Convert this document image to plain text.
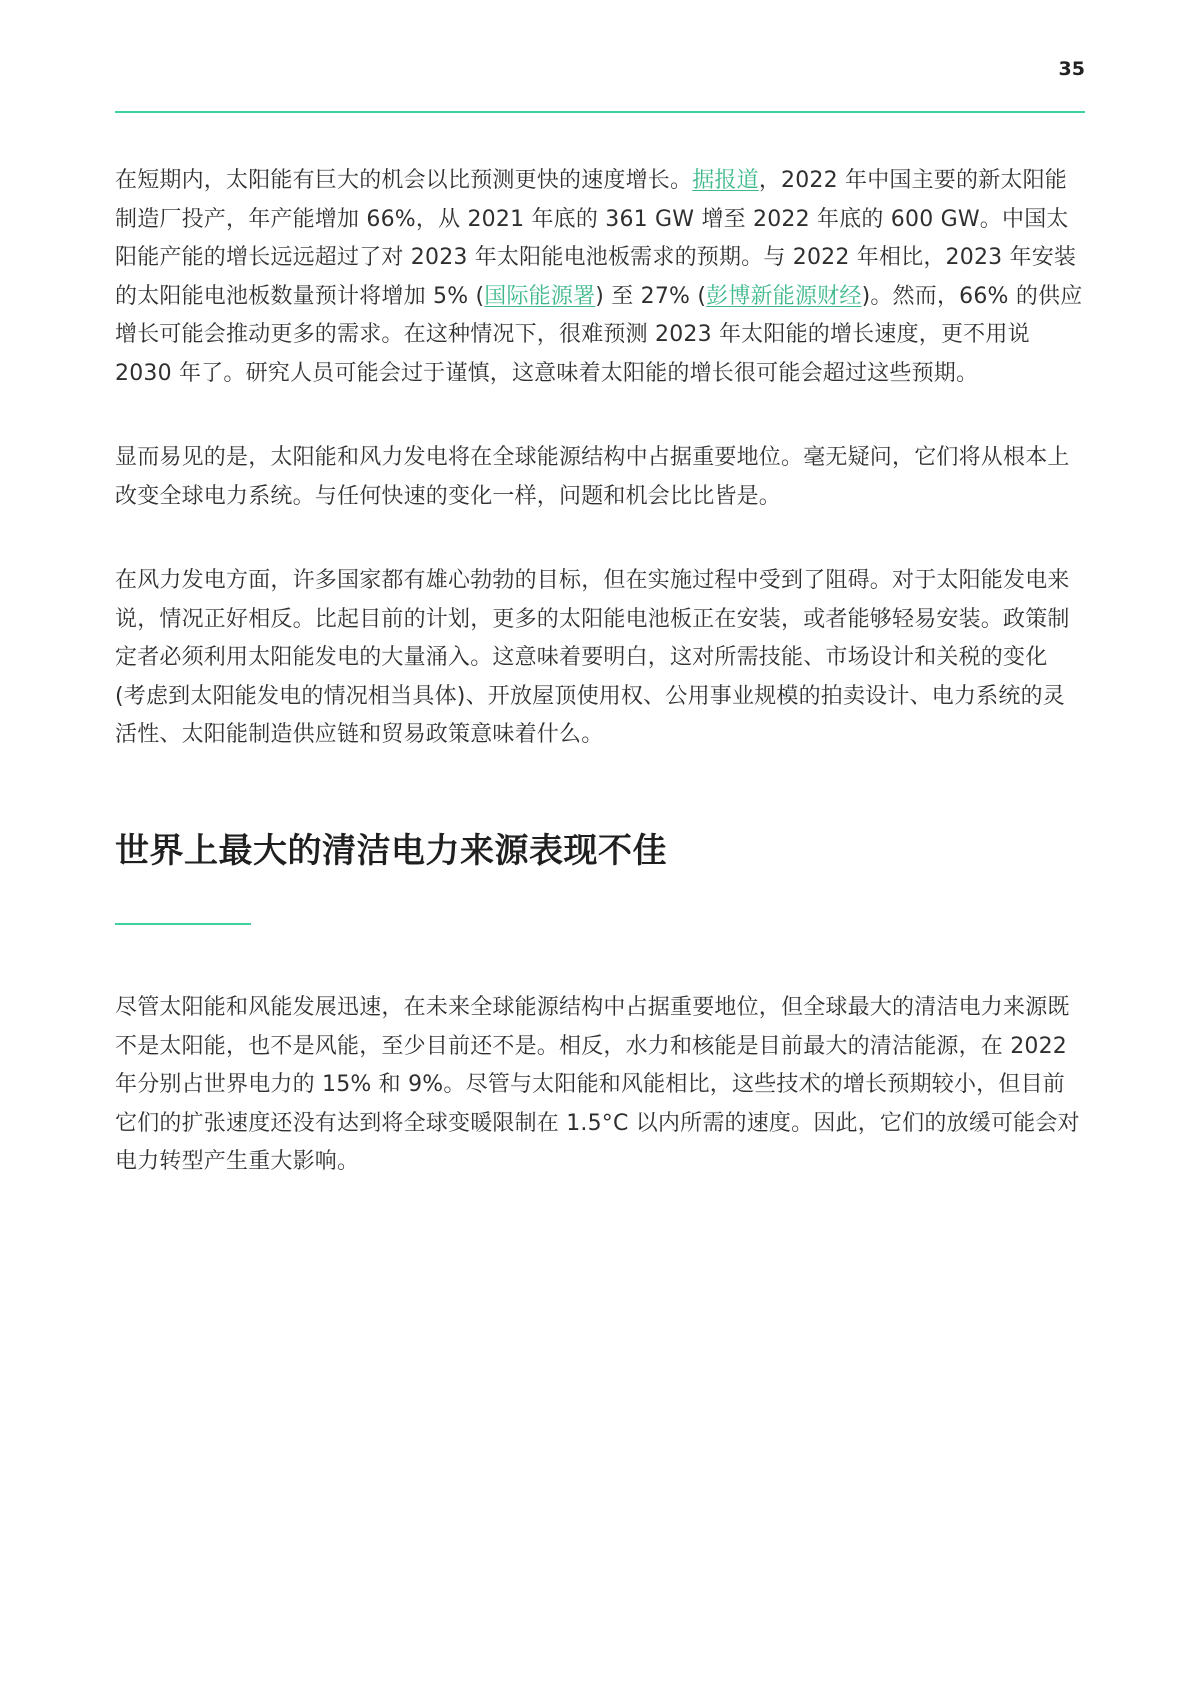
35

在短期内，太阳能有巨大的机会以比预测更快的速度增长。据报道，2022 年中国主要的新太阳能制造厂投产，年产能增加 66%，从 2021 年底的 361 GW 增至 2022 年底的 600 GW。中国太阳能产能的增长远远超过了对 2023 年太阳能电池板需求的预期。与 2022 年相比，2023 年安装的太阳能电池板数量预计将增加 5% (国际能源署) 至 27% (彭博新能源财经)。然而，66% 的供应增长可能会推动更多的需求。在这种情况下，很难预测 2023 年太阳能的增长速度，更不用说 2030 年了。研究人员可能会过于谨慎，这意味着太阳能的增长很可能会超过这些预期。

显而易见的是，太阳能和风力发电将在全球能源结构中占据重要地位。毫无疑问，它们将从根本上改变全球电力系统。与任何快速的变化一样，问题和机会比比皆是。

在风力发电方面，许多国家都有雄心勃勃的目标，但在实施过程中受到了阻碍。对于太阳能发电来说，情况正好相反。比起目前的计划，更多的太阳能电池板正在安装，或者能够轻易安装。政策制定者必须利用太阳能发电的大量涌入。这意味着要明白，这对所需技能、市场设计和关税的变化 (考虑到太阳能发电的情况相当具体)、开放屋顶使用权、公用事业规模的拍卖设计、电力系统的灵活性、太阳能制造供应链和贸易政策意味着什么。

世界上最大的清洁电力来源表现不佳

尽管太阳能和风能发展迅速，在未来全球能源结构中占据重要地位，但全球最大的清洁电力来源既不是太阳能，也不是风能，至少目前还不是。相反，水力和核能是目前最大的清洁能源，在 2022 年分别占世界电力的 15% 和 9%。尽管与太阳能和风能相比，这些技术的增长预期较小，但目前它们的扩张速度还没有达到将全球变暖限制在 1.5°C 以内所需的速度。因此，它们的放缓可能会对电力转型产生重大影响。
